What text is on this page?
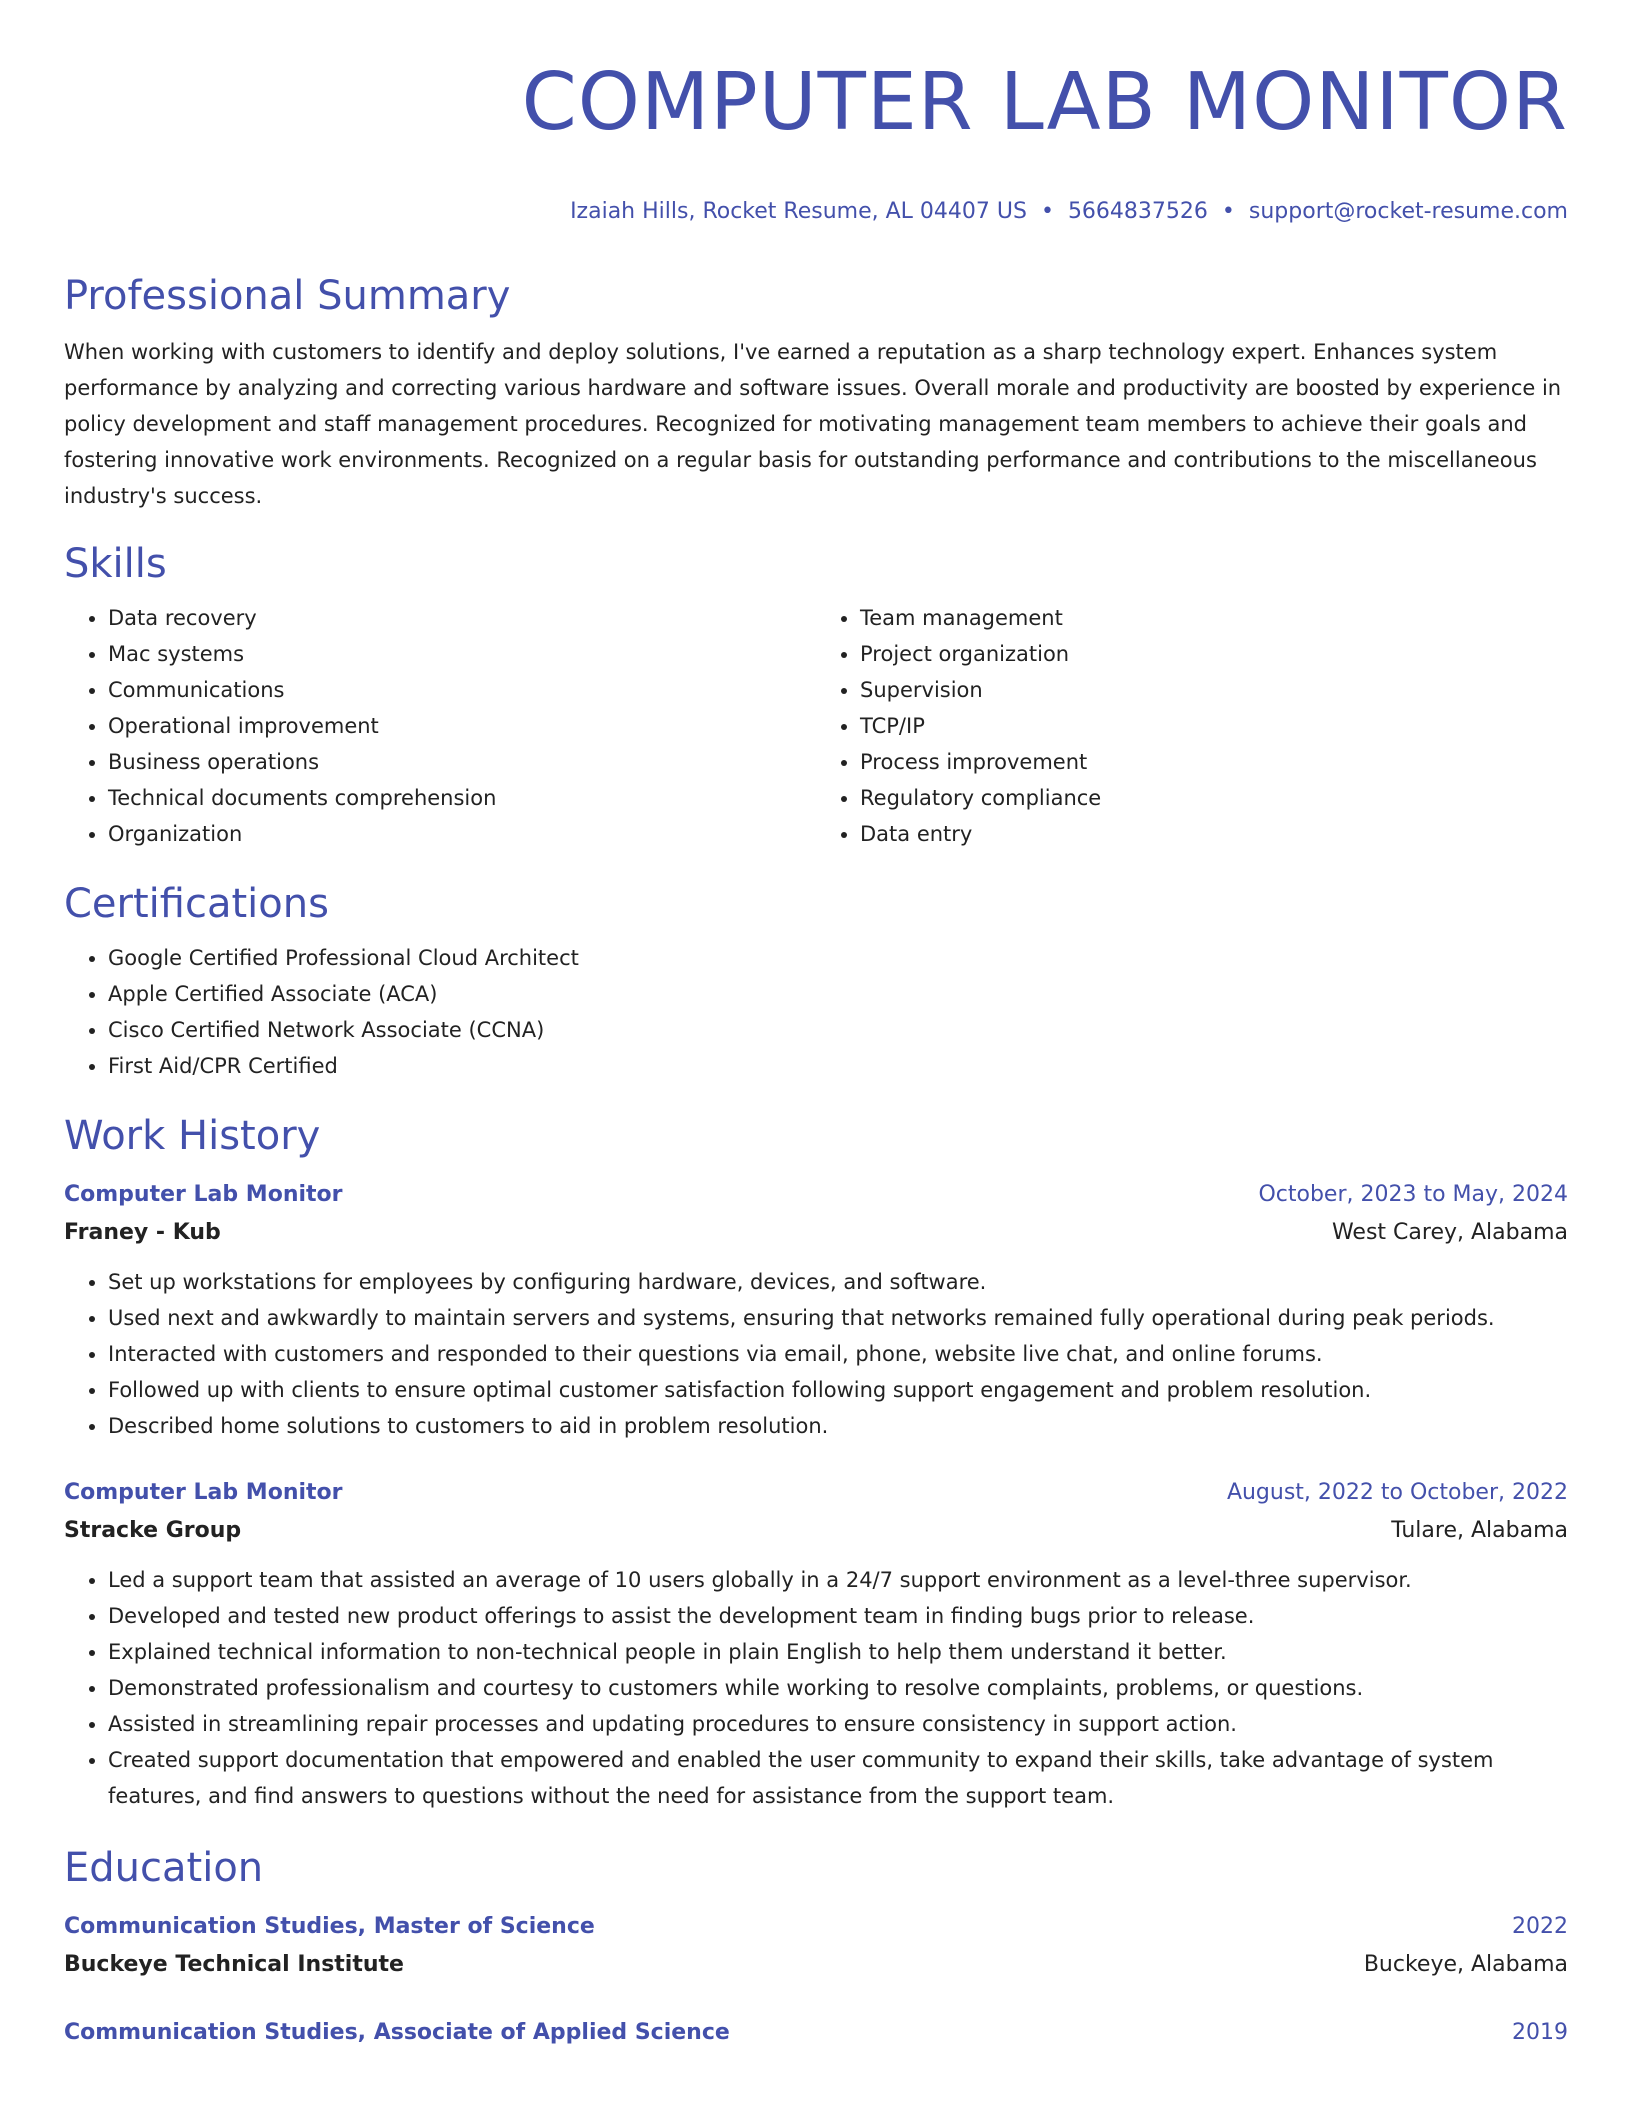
COMPUTER LAB MONITOR
Izaiah Hills, Rocket Resume, AL 04407 US • 5664837526 • support@rocket-resume.com
Professional Summary

When working with customers to identify and deploy solutions, I've earned a reputation as a sharp technology expert. Enhances system performance by analyzing and correcting various hardware and software issues. Overall morale and productivity are boosted by experience in policy development and staff management procedures. Recognized for motivating management team members to achieve their goals and fostering innovative work environments. Recognized on a regular basis for outstanding performance and contributions to the miscellaneous industry's success.

Skills
• Data recovery
• Mac systems
• Communications
• Operational improvement
• Business operations
• Technical documents comprehension
• Organization
• Team management
• Project organization
• Supervision
• TCP/IP
• Process improvement
• Regulatory compliance
• Data entry
Certifications
• Google Certified Professional Cloud Architect
• Apple Certified Associate (ACA)
• Cisco Certified Network Associate (CCNA)
• First Aid/CPR Certified
Work History
Computer Lab Monitor	October, 2023 to May, 2024
Franey - Kub	West Carey, Alabama
• Set up workstations for employees by configuring hardware, devices, and software.
• Used next and awkwardly to maintain servers and systems, ensuring that networks remained fully operational during peak periods.
• Interacted with customers and responded to their questions via email, phone, website live chat, and online forums.
• Followed up with clients to ensure optimal customer satisfaction following support engagement and problem resolution.
• Described home solutions to customers to aid in problem resolution.
Computer Lab Monitor	August, 2022 to October, 2022
Stracke Group	Tulare, Alabama
• Led a support team that assisted an average of 10 users globally in a 24/7 support environment as a level-three supervisor.
• Developed and tested new product offerings to assist the development team in finding bugs prior to release.
• Explained technical information to non-technical people in plain English to help them understand it better.
• Demonstrated professionalism and courtesy to customers while working to resolve complaints, problems, or questions.
• Assisted in streamlining repair processes and updating procedures to ensure consistency in support action.
• Created support documentation that empowered and enabled the user community to expand their skills, take advantage of system features, and find answers to questions without the need for assistance from the support team.
Education
Communication Studies, Master of Science	2022
Buckeye Technical Institute	Buckeye, Alabama
Communication Studies, Associate of Applied Science	2019
